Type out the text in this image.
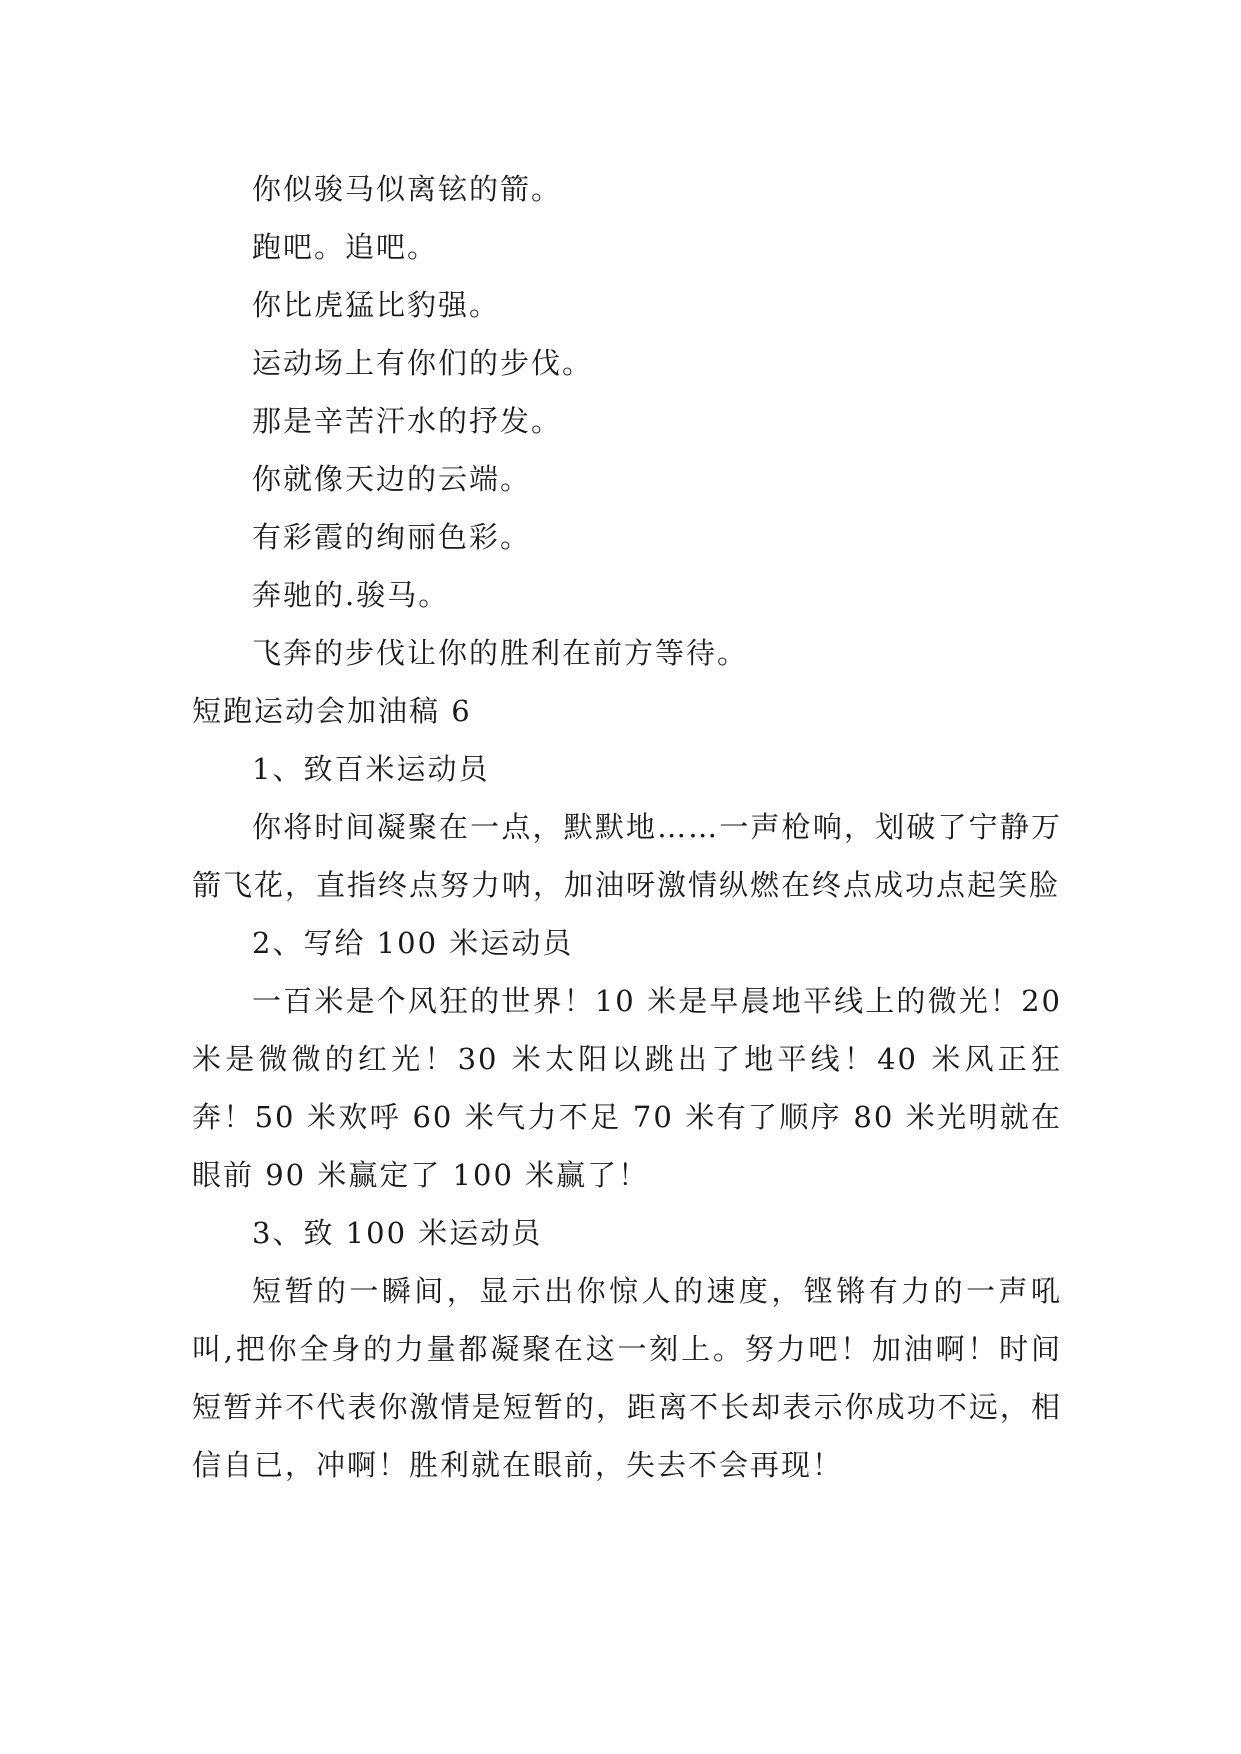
你似骏马似离铉的箭。

跑吧。追吧。

你比虎猛比豹强。

运动场上有你们的步伐。

那是辛苦汗水的抒发。

你就像天边的云端。

有彩霞的绚丽色彩。

奔驰的.骏马。

飞奔的步伐让你的胜利在前方等待。

短跑运动会加油稿 6

1、致百米运动员

你将时间凝聚在一点，默默地……一声枪响，划破了宁静万箭飞花，直指终点努力呐，加油呀激情纵燃在终点成功点起笑脸

2、写给 100 米运动员

一百米是个风狂的世界！10 米是早晨地平线上的微光！20 米是微微的红光！30 米太阳以跳出了地平线！40 米风正狂奔！50 米欢呼 60 米气力不足 70 米有了顺序 80 米光明就在眼前 90 米赢定了 100 米赢了！

3、致 100 米运动员

短暂的一瞬间，显示出你惊人的速度，铿锵有力的一声吼叫,把你全身的力量都凝聚在这一刻上。努力吧！加油啊！时间短暂并不代表你激情是短暂的，距离不长却表示你成功不远，相信自已，冲啊！胜利就在眼前，失去不会再现！
